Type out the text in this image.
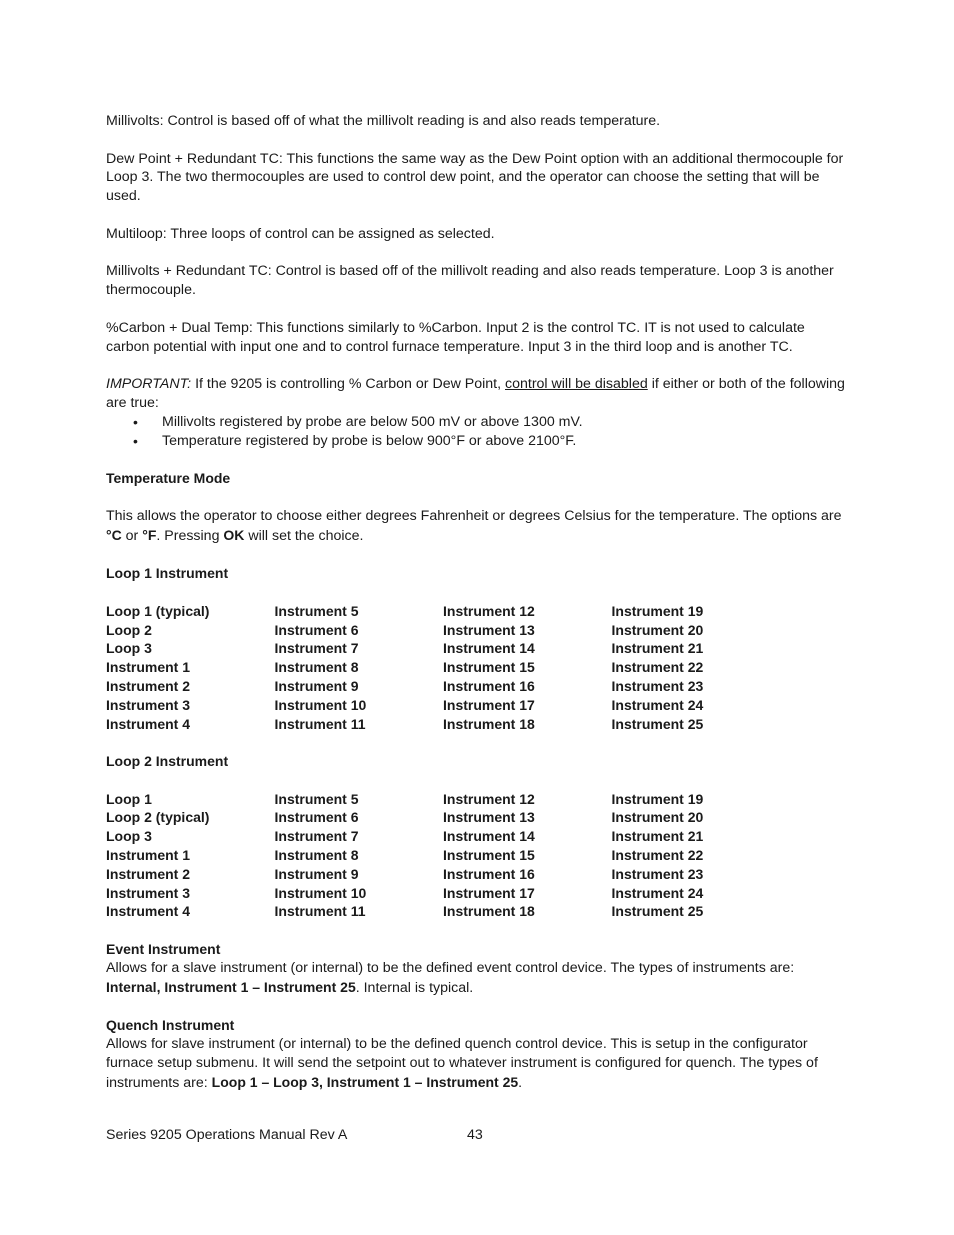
Millivolts: Control is based off of what the millivolt reading is and also reads temperature.

Dew Point + Redundant TC: This functions the same way as the Dew Point option with an additional thermocouple for Loop 3. The two thermocouples are used to control dew point, and the operator can choose the setting that will be used.

Multiloop: Three loops of control can be assigned as selected.

Millivolts + Redundant TC: Control is based off of the millivolt reading and also reads temperature. Loop 3 is another thermocouple.

%Carbon + Dual Temp: This functions similarly to %Carbon. Input 2 is the control TC. IT is not used to calculate carbon potential with input one and to control furnace temperature. Input 3 in the third loop and is another TC.

IMPORTANT: If the 9205 is controlling % Carbon or Dew Point, control will be disabled if either or both of the following are true:

• Millivolts registered by probe are below 500 mV or above 1300 mV.
• Temperature registered by probe is below 900°F or above 2100°F.
Temperature Mode

This allows the operator to choose either degrees Fahrenheit or degrees Celsius for the temperature. The options are °C or °F. Pressing OK will set the choice.

Loop 1 Instrument
Loop 1 (typical)	Instrument 5	Instrument 12	Instrument 19
Loop 2	Instrument 6	Instrument 13	Instrument 20
Loop 3	Instrument 7	Instrument 14	Instrument 21
Instrument 1	Instrument 8	Instrument 15	Instrument 22
Instrument 2	Instrument 9	Instrument 16	Instrument 23
Instrument 3	Instrument 10	Instrument 17	Instrument 24
Instrument 4	Instrument 11	Instrument 18	Instrument 25
Loop 2 Instrument
Loop 1	Instrument 5	Instrument 12	Instrument 19
Loop 2 (typical)	Instrument 6	Instrument 13	Instrument 20
Loop 3	Instrument 7	Instrument 14	Instrument 21
Instrument 1	Instrument 8	Instrument 15	Instrument 22
Instrument 2	Instrument 9	Instrument 16	Instrument 23
Instrument 3	Instrument 10	Instrument 17	Instrument 24
Instrument 4	Instrument 11	Instrument 18	Instrument 25
Event Instrument

Allows for a slave instrument (or internal) to be the defined event control device. The types of instruments are: Internal, Instrument 1 – Instrument 25. Internal is typical.

Quench Instrument

Allows for slave instrument (or internal) to be the defined quench control device. This is setup in the configurator furnace setup submenu. It will send the setpoint out to whatever instrument is configured for quench. The types of instruments are: Loop 1 – Loop 3, Instrument 1 – Instrument 25.

Series 9205 Operations Manual Rev A	43
